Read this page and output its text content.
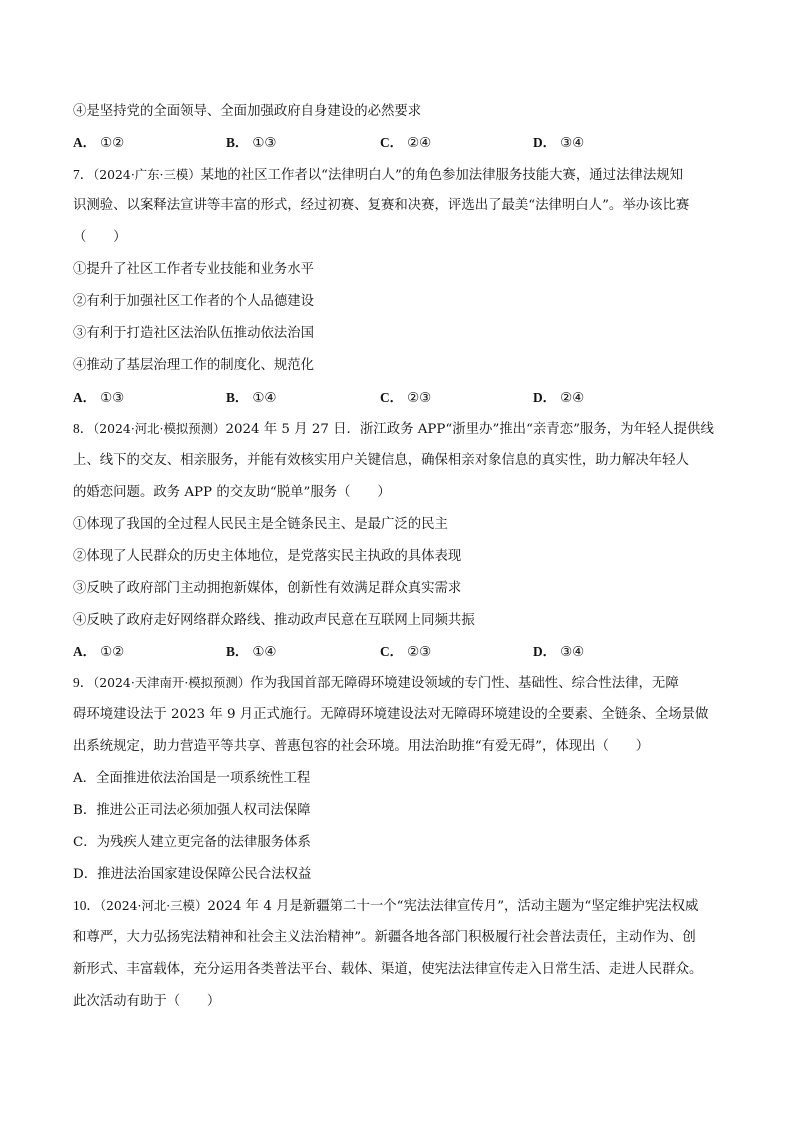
④是坚持党的全面领导、全面加强政府自身建设的必然要求
A． ①②	B． ①③	C． ②④	D． ③④
7．（2024·广东·三模）某地的社区工作者以“法律明白人”的角色参加法律服务技能大赛，通过法律法规知
识测验、以案释法宣讲等丰富的形式，经过初赛、复赛和决赛，评选出了最美“法律明白人”。举办该比赛
（　　）
①提升了社区工作者专业技能和业务水平
②有利于加强社区工作者的个人品德建设
③有利于打造社区法治队伍推动依法治国
④推动了基层治理工作的制度化、规范化
A． ①③	B． ①④	C． ②③	D． ②④
8．（2024·河北·模拟预测）2024 年 5 月 27 日．浙江政务 APP“浙里办”推出“亲青恋”服务，为年轻人提供线
上、线下的交友、相亲服务，并能有效核实用户关键信息，确保相亲对象信息的真实性，助力解决年轻人
的婚恋问题。政务 APP 的交友助“脱单”服务（　　）
①体现了我国的全过程人民民主是全链条民主、是最广泛的民主
②体现了人民群众的历史主体地位，是党落实民主执政的具体表现
③反映了政府部门主动拥抱新媒体，创新性有效满足群众真实需求
④反映了政府走好网络群众路线、推动政声民意在互联网上同频共振
A． ①②	B． ①④	C． ②③	D． ③④
9．（2024·天津南开·模拟预测）作为我国首部无障碍环境建设领域的专门性、基础性、综合性法律，无障
碍环境建设法于 2023 年 9 月正式施行。无障碍环境建设法对无障碍环境建设的全要素、全链条、全场景做
出系统规定，助力营造平等共享、普惠包容的社会环境。用法治助推“有爱无碍”，体现出（　　）
A．全面推进依法治国是一项系统性工程
B．推进公正司法必须加强人权司法保障
C．为残疾人建立更完备的法律服务体系
D．推进法治国家建设保障公民合法权益
10．（2024·河北·三模）2024 年 4 月是新疆第二十一个“宪法法律宣传月”，活动主题为“坚定维护宪法权威
和尊严，大力弘扬宪法精神和社会主义法治精神”。新疆各地各部门积极履行社会普法责任，主动作为、创
新形式、丰富载体，充分运用各类普法平台、载体、渠道，使宪法法律宣传走入日常生活、走进人民群众。
此次活动有助于（　　）
